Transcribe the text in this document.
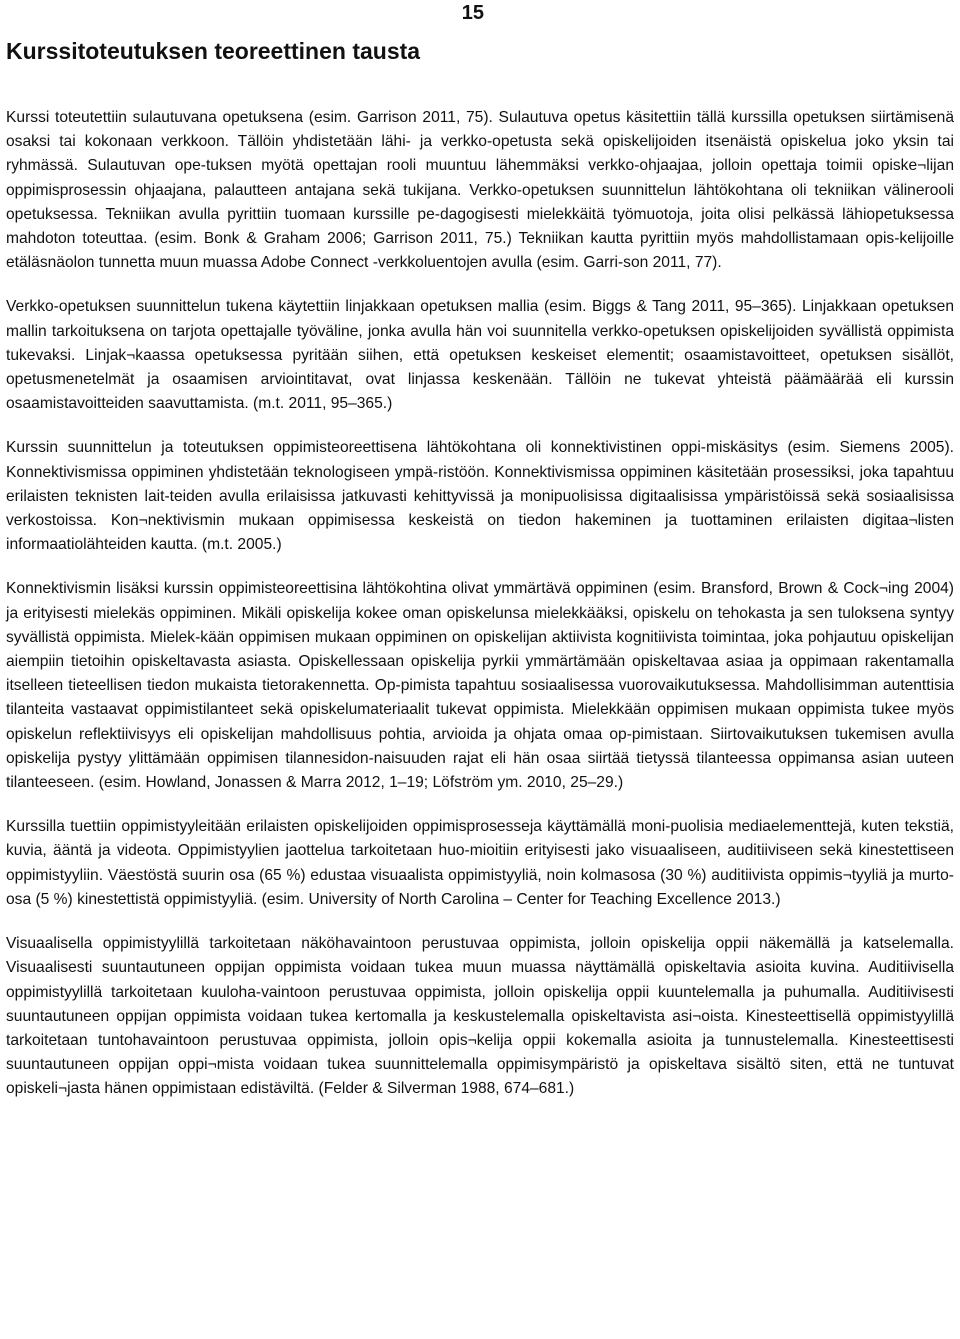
15
Kurssitoteutuksen teoreettinen tausta

Kurssi toteutettiin sulautuvana opetuksena (esim. Garrison 2011, 75). Sulautuva opetus käsitettiin tällä kurssilla opetuksen siirtämisenä osaksi tai kokonaan verkkoon. Tällöin yhdistetään lähi- ja verkko-opetusta sekä opiskelijoiden itsenäistä opiskelua joko yksin tai ryhmässä. Sulautuvan ope-tuksen myötä opettajan rooli muuntuu lähemmäksi verkko-ohjaajaa, jolloin opettaja toimii opiske¬lijan oppimisprosessin ohjaajana, palautteen antajana sekä tukijana. Verkko-opetuksen suunnittelun lähtökohtana oli tekniikan välinerooli opetuksessa. Tekniikan avulla pyrittiin tuomaan kurssille pe-dagogisesti mielekkäitä työmuotoja, joita olisi pelkässä lähiopetuksessa mahdoton toteuttaa. (esim. Bonk & Graham 2006; Garrison 2011, 75.) Tekniikan kautta pyrittiin myös mahdollistamaan opis-kelijoille etäläsnäolon tunnetta muun muassa Adobe Connect -verkkoluentojen avulla (esim. Garri-son 2011, 77).

Verkko-opetuksen suunnittelun tukena käytettiin linjakkaan opetuksen mallia (esim. Biggs & Tang 2011, 95–365). Linjakkaan opetuksen mallin tarkoituksena on tarjota opettajalle työväline, jonka avulla hän voi suunnitella verkko-opetuksen opiskelijoiden syvällistä oppimista tukevaksi. Linjak¬kaassa opetuksessa pyritään siihen, että opetuksen keskeiset elementit; osaamistavoitteet, opetuksen sisällöt, opetusmenetelmät ja osaamisen arviointitavat, ovat linjassa keskenään. Tällöin ne tukevat yhteistä päämäärää eli kurssin osaamistavoitteiden saavuttamista. (m.t. 2011, 95–365.)

Kurssin suunnittelun ja toteutuksen oppimisteoreettisena lähtökohtana oli konnektivistinen oppi-miskäsitys (esim. Siemens 2005). Konnektivismissa oppiminen yhdistetään teknologiseen ympä-ristöön. Konnektivismissa oppiminen käsitetään prosessiksi, joka tapahtuu erilaisten teknisten lait-teiden avulla erilaisissa jatkuvasti kehittyvissä ja monipuolisissa digitaalisissa ympäristöissä sekä sosiaalisissa verkostoissa. Kon¬nektivismin mukaan oppimisessa keskeistä on tiedon hakeminen ja tuottaminen erilaisten digitaa¬listen informaatiolähteiden kautta. (m.t. 2005.)

Konnektivismin lisäksi kurssin oppimisteoreettisina lähtökohtina olivat ymmärtävä oppiminen (esim. Bransford, Brown & Cock¬ing 2004) ja erityisesti mielekäs oppiminen. Mikäli opiskelija kokee oman opiskelunsa mielekkääksi, opiskelu on tehokasta ja sen tuloksena syntyy syvällistä oppimista. Mielek-kään oppimisen mukaan oppiminen on opiskelijan aktiivista kognitiivista toimintaa, joka pohjautuu opiskelijan aiempiin tietoihin opiskeltavasta asiasta. Opiskellessaan opiskelija pyrkii ymmärtämään opiskeltavaa asiaa ja oppimaan rakentamalla itselleen tieteellisen tiedon mukaista tietorakennetta. Op-pimista tapahtuu sosiaalisessa vuorovaikutuksessa. Mahdollisimman autenttisia tilanteita vastaavat oppimistilanteet sekä opiskelumateriaalit tukevat oppimista. Mielekkään oppimisen mukaan oppimista tukee myös opiskelun reflektiivisyys eli opiskelijan mahdollisuus pohtia, arvioida ja ohjata omaa op-pimistaan. Siirtovaikutuksen tukemisen avulla opiskelija pystyy ylittämään oppimisen tilannesidon-naisuuden rajat eli hän osaa siirtää tietyssä tilanteessa oppimansa asian uuteen tilanteeseen. (esim. Howland, Jonassen & Marra 2012, 1–19; Löfström ym. 2010, 25–29.)

Kurssilla tuettiin oppimistyyleitään erilaisten opiskelijoiden oppimisprosesseja käyttämällä moni-puolisia mediaelementtejä, kuten tekstiä, kuvia, ääntä ja videota. Oppimistyylien jaottelua tarkoitetaan huo-mioitiin erityisesti jako visuaaliseen, auditiiviseen sekä kinestettiseen oppimistyyliin. Väestöstä suurin osa (65 %) edustaa visuaalista oppimistyyliä, noin kolmasosa (30 %) auditiivista oppimis¬tyyliä ja murto-osa (5 %) kinestettistä oppimistyyliä. (esim. University of North Carolina – Center for Teaching Excellence 2013.)

Visuaalisella oppimistyylillä tarkoitetaan näköhavaintoon perustuvaa oppimista, jolloin opiskelija oppii näkemällä ja katselemalla. Visuaalisesti suuntautuneen oppijan oppimista voidaan tukea muun muassa näyttämällä opiskeltavia asioita kuvina. Auditiivisella oppimistyylillä tarkoitetaan kuuloha-vaintoon perustuvaa oppimista, jolloin opiskelija oppii kuuntelemalla ja puhumalla. Auditiivisesti suuntautuneen oppijan oppimista voidaan tukea kertomalla ja keskustelemalla opiskeltavista asi¬oista. Kinesteettisellä oppimistyylillä tarkoitetaan tuntohavaintoon perustuvaa oppimista, jolloin opis¬kelija oppii kokemalla asioita ja tunnustelemalla. Kinesteettisesti suuntautuneen oppijan oppi¬mista voidaan tukea suunnittelemalla oppimisympäristö ja opiskeltava sisältö siten, että ne tuntuvat opiskeli¬jasta hänen oppimistaan edistäviltä. (Felder & Silverman 1988, 674–681.)
